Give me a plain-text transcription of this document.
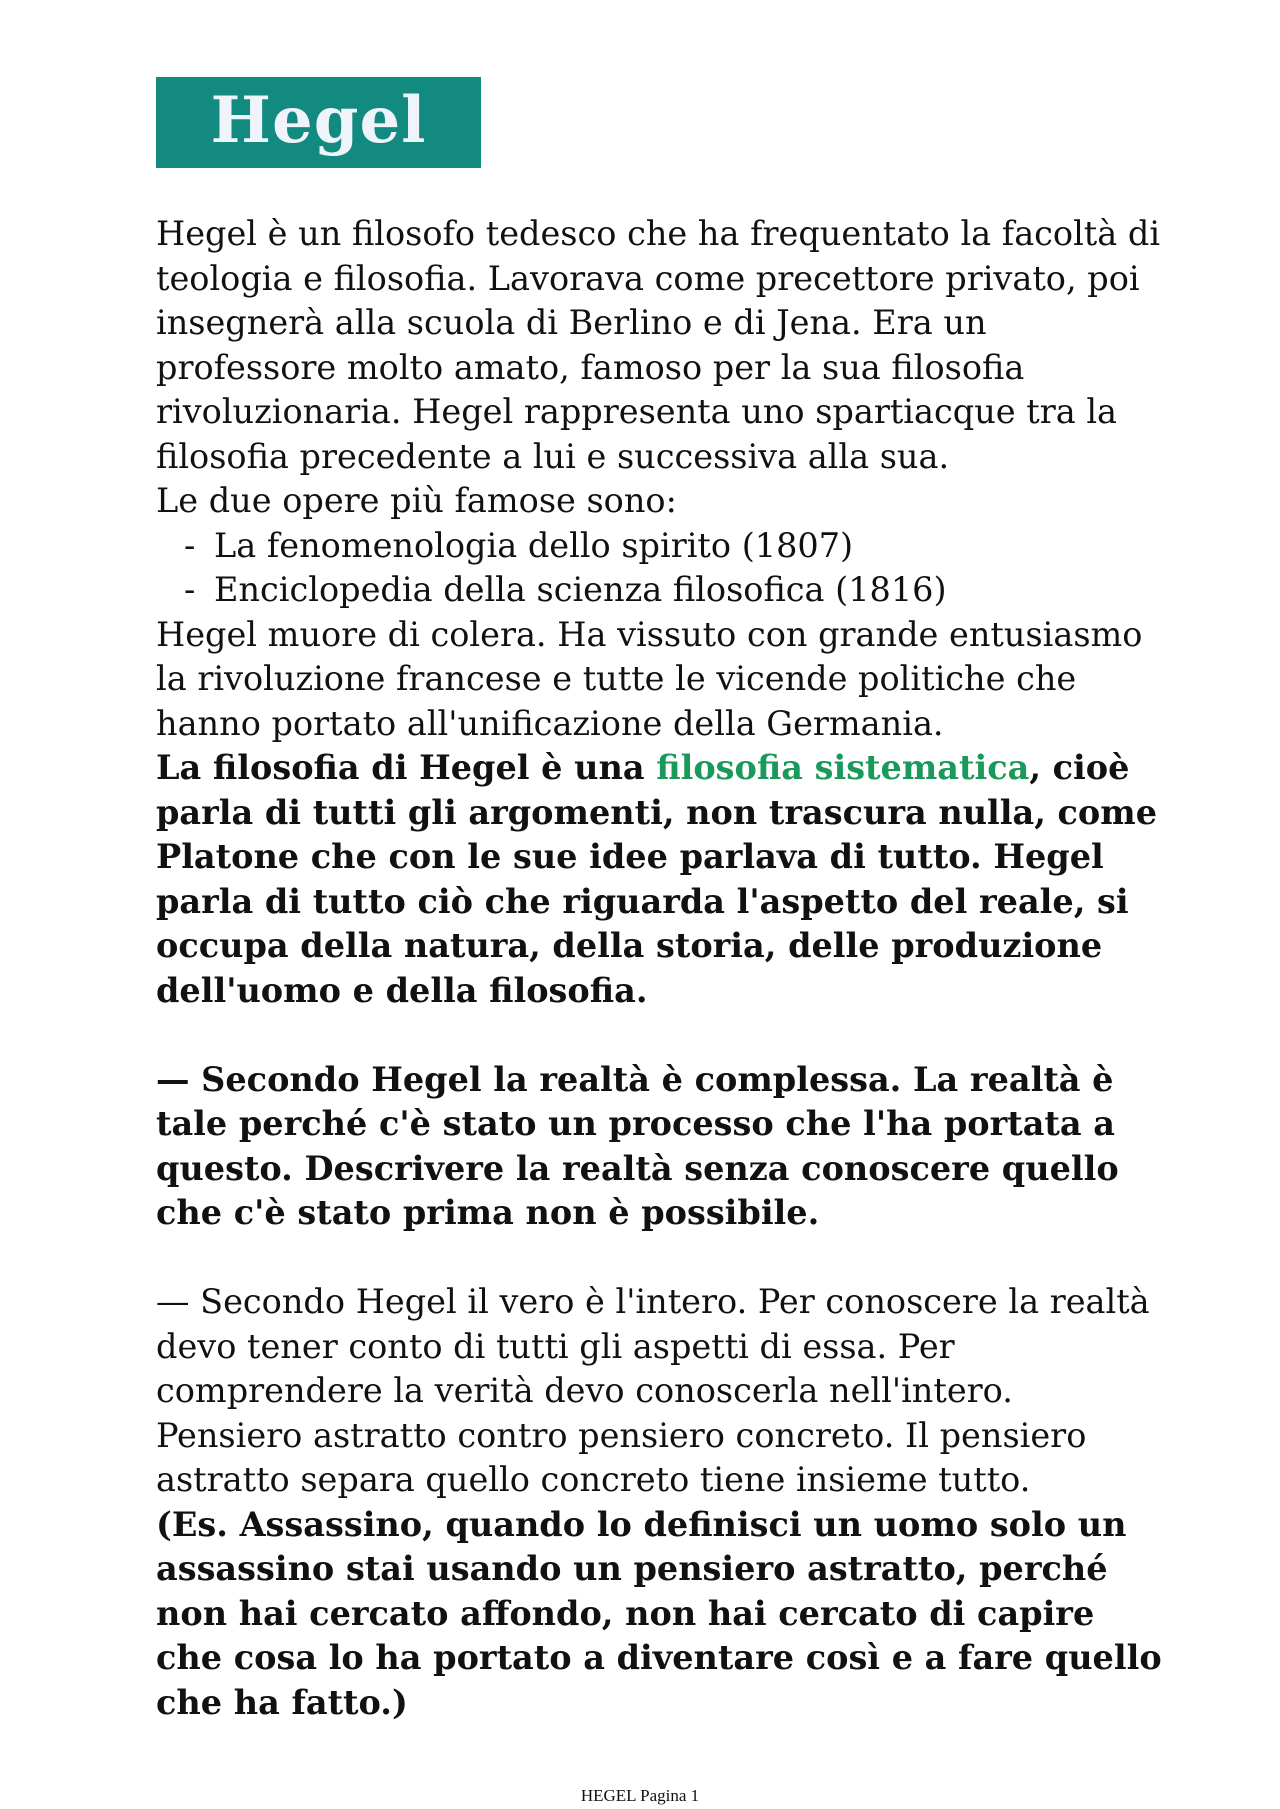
Hegel

Hegel è un filosofo tedesco che ha frequentato la facoltà di teologia e filosofia. Lavorava come precettore privato, poi insegnerà alla scuola di Berlino e di Jena. Era un professore molto amato, famoso per la sua filosofia rivoluzionaria. Hegel rappresenta uno spartiacque tra la filosofia precedente a lui e successiva alla sua.

Le due opere più famose sono:

- La fenomenologia dello spirito (1807)
- Enciclopedia della scienza filosofica (1816)

Hegel muore di colera. Ha vissuto con grande entusiasmo la rivoluzione francese e tutte le vicende politiche che hanno portato all'unificazione della Germania.

La filosofia di Hegel è una filosofia sistematica, cioè parla di tutti gli argomenti, non trascura nulla, come Platone che con le sue idee parlava di tutto. Hegel parla di tutto ciò che riguarda l'aspetto del reale, si occupa della natura, della storia, delle produzione dell'uomo e della filosofia.

— Secondo Hegel la realtà è complessa. La realtà è tale perché c'è stato un processo che l'ha portata a questo. Descrivere la realtà senza conoscere quello che c'è stato prima non è possibile.

— Secondo Hegel il vero è l'intero. Per conoscere la realtà devo tener conto di tutti gli aspetti di essa. Per comprendere la verità devo conoscerla nell'intero. Pensiero astratto contro pensiero concreto. Il pensiero astratto separa quello concreto tiene insieme tutto.

(Es. Assassino, quando lo definisci un uomo solo un assassino stai usando un pensiero astratto, perché non hai cercato affondo, non hai cercato di capire che cosa lo ha portato a diventare così e a fare quello che ha fatto.)

HEGEL Pagina 1
